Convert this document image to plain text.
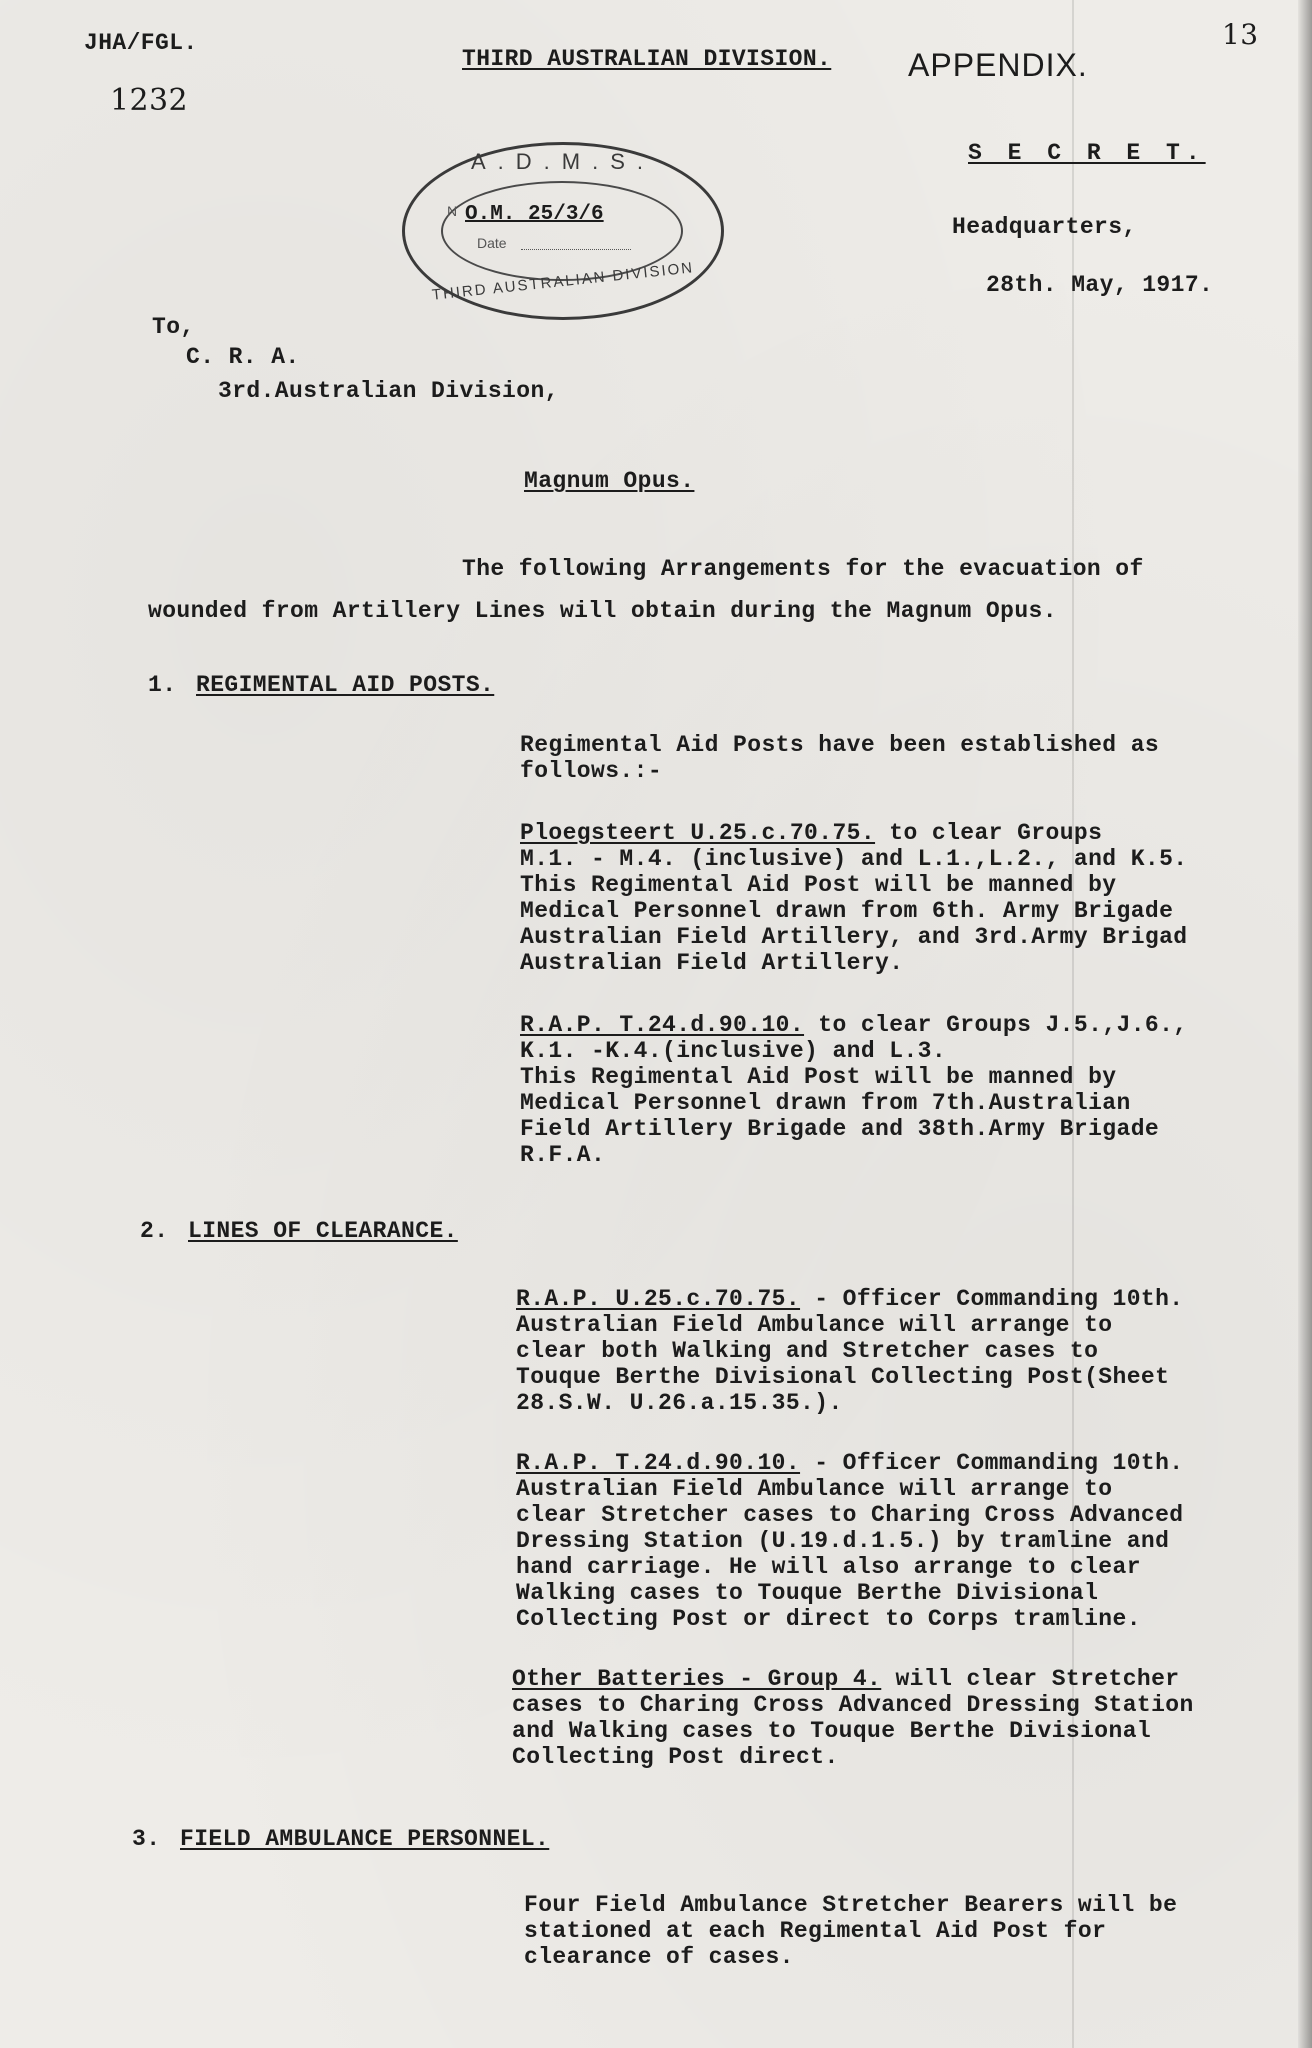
JHA/FGL.
1232
THIRD AUSTRALIAN DIVISION. APPENDIX.
13
S E C R E T.
A.D.M.S.
N O.M. 25/3/6
Date
THIRD AUSTRALIAN DIVISION
Headquarters,
28th. May, 1917.
To,
C. R. A.
3rd.Australian Division,
Magnum Opus.
The following Arrangements for the evacuation of
wounded from Artillery Lines will obtain during the Magnum Opus.
1. REGIMENTAL AID POSTS.
Regimental Aid Posts have been established as
follows.:-
Ploegsteert U.25.c.70.75. to clear Groups
M.1. - M.4. (inclusive) and L.1.,L.2., and K.5.
This Regimental Aid Post will be manned by
Medical Personnel drawn from 6th. Army Brigade
Australian Field Artillery, and 3rd.Army Brigad
Australian Field Artillery.
R.A.P. T.24.d.90.10. to clear Groups J.5.,J.6.,
K.1. -K.4.(inclusive) and L.3.
This Regimental Aid Post will be manned by
Medical Personnel drawn from 7th.Australian
Field Artillery Brigade and 38th.Army Brigade
R.F.A.
2. LINES OF CLEARANCE.
R.A.P. U.25.c.70.75. - Officer Commanding 10th.
Australian Field Ambulance will arrange to
clear both Walking and Stretcher cases to
Touque Berthe Divisional Collecting Post(Sheet
28.S.W. U.26.a.15.35.).
R.A.P. T.24.d.90.10. - Officer Commanding 10th.
Australian Field Ambulance will arrange to
clear Stretcher cases to Charing Cross Advanced
Dressing Station (U.19.d.1.5.) by tramline and
hand carriage. He will also arrange to clear
Walking cases to Touque Berthe Divisional
Collecting Post or direct to Corps tramline.
Other Batteries - Group 4. will clear Stretcher
cases to Charing Cross Advanced Dressing Station
and Walking cases to Touque Berthe Divisional
Collecting Post direct.
3. FIELD AMBULANCE PERSONNEL.
Four Field Ambulance Stretcher Bearers will be
stationed at each Regimental Aid Post for
clearance of cases.
